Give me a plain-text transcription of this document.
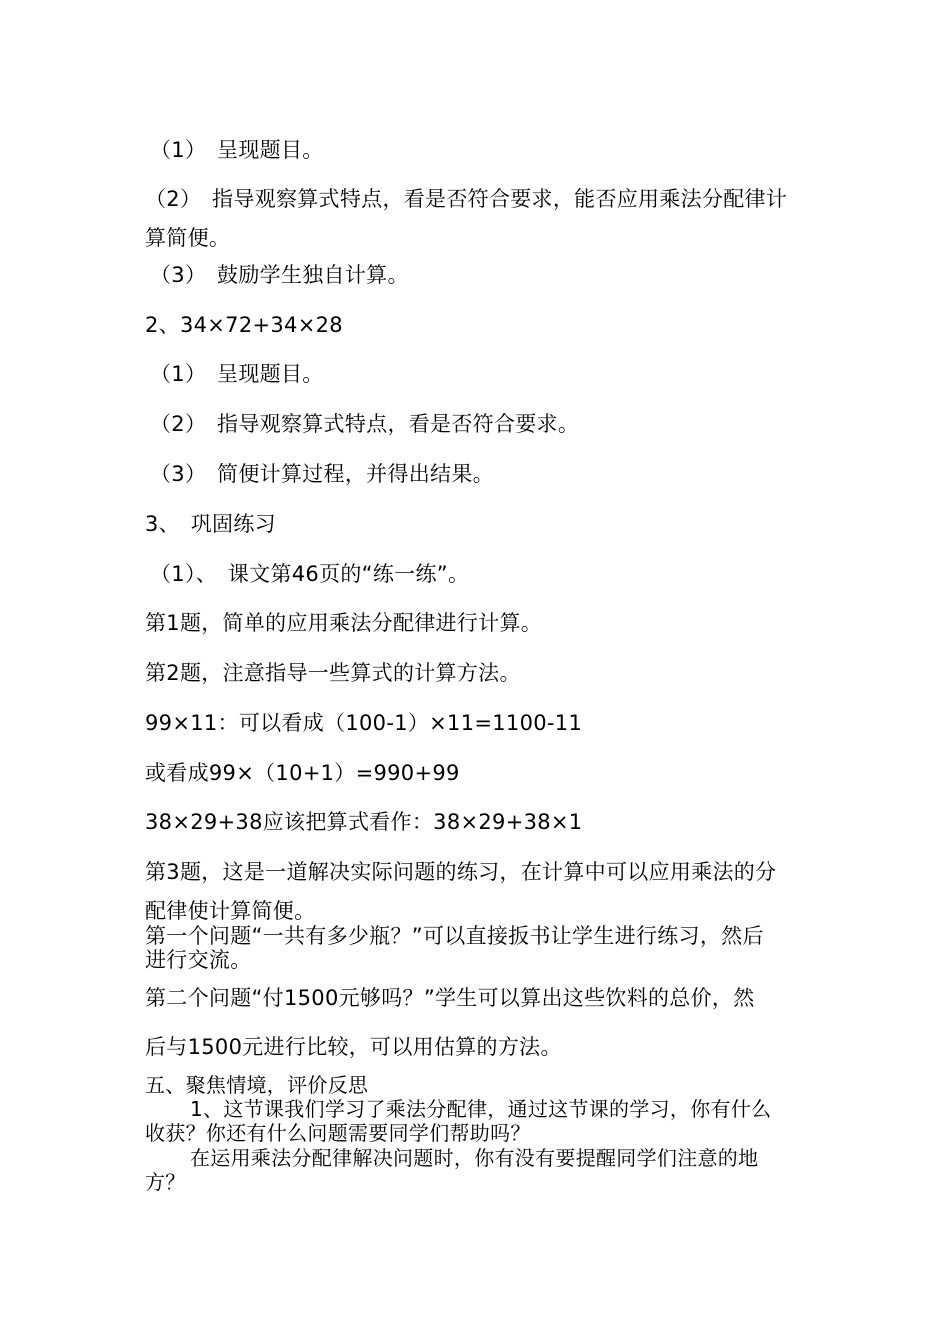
（1）　呈现题目。

（2）　指导观察算式特点，看是否符合要求，能否应用乘法分配律计

算简便。

（3）　鼓励学生独自计算。

2、34×72+34×28

（1）　呈现题目。

（2）　指导观察算式特点，看是否符合要求。

（3）　简便计算过程，并得出结果。

3、　巩固练习

（1）、　课文第46页的“练一练”。

第1题，简单的应用乘法分配律进行计算。

第2题，注意指导一些算式的计算方法。

99×11：可以看成（100-1）×11=1100-11

或看成99×（10+1）=990+99

38×29+38应该把算式看作：38×29+38×1

第3题，这是一道解决实际问题的练习，在计算中可以应用乘法的分

配律使计算简便。

第一个问题“一共有多少瓶？”可以直接扳书让学生进行练习，然后

进行交流。

第二个问题“付1500元够吗？”学生可以算出这些饮料的总价，然

后与1500元进行比较，可以用估算的方法。

五、聚焦情境，评价反思

1、这节课我们学习了乘法分配律，通过这节课的学习，你有什么

收获？你还有什么问题需要同学们帮助吗？

在运用乘法分配律解决问题时，你有没有要提醒同学们注意的地

方？
